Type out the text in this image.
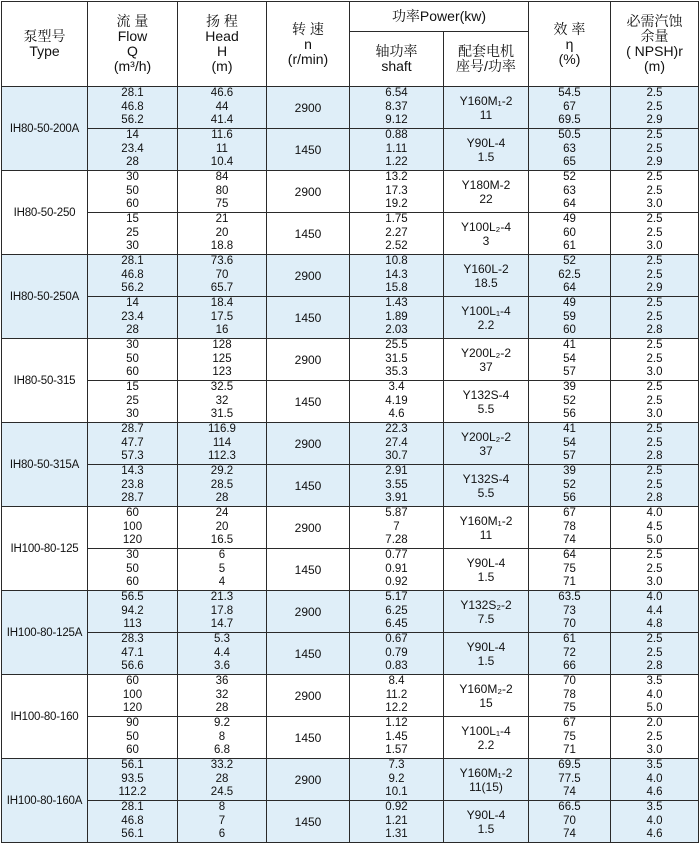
泵型号
Type	流 量
Flow
Q
(m³/h)	扬 程
Head
H
(m)	转 速
n
(r/min)	功率Power(kw)		效 率
η
(%)	必需汽蚀
余量
( NPSH)r
(m)

				轴功率
shaft	配套电机
座号/功率		

IH80-50-200A	28.1
46.8
56.2	46.6
44
41.4	2900	6.54
8.37
9.12	Y160M₁-2
11	54.5
67
69.5	2.5
2.5
2.9

	14
23.4
28	11.6
11
10.4	1450	0.88
1.11
1.22	Y90L-4
1.5	50.5
63
65	2.5
2.5
2.9

IH80-50-250	30
50
60	84
80
75	2900	13.2
17.3
19.2	Y180M-2
22	52
63
64	2.5
2.5
3.0

	15
25
30	21
20
18.8	1450	1.75
2.27
2.52	Y100L₂-4
3	49
60
61	2.5
2.5
3.0

IH80-50-250A	28.1
46.8
56.2	73.6
70
65.7	2900	10.8
14.3
15.8	Y160L-2
18.5	52
62.5
64	2.5
2.5
2.9

	14
23.4
28	18.4
17.5
16	1450	1.43
1.89
2.03	Y100L₁-4
2.2	49
59
60	2.5
2.5
2.8

IH80-50-315	30
50
60	128
125
123	2900	25.5
31.5
35.3	Y200L₂-2
37	41
54
57	2.5
2.5
3.0

	15
25
30	32.5
32
31.5	1450	3.4
4.19
4.6	Y132S-4
5.5	39
52
56	2.5
2.5
3.0

IH80-50-315A	28.7
47.7
57.3	116.9
114
112.3	2900	22.3
27.4
30.7	Y200L₂-2
37	41
54
57	2.5
2.5
2.8

	14.3
23.8
28.7	29.2
28.5
28	1450	2.91
3.55
3.91	Y132S-4
5.5	39
52
56	2.5
2.5
2.8

IH100-80-125	60
100
120	24
20
16.5	2900	5.87
7
7.28	Y160M₁-2
11	67
78
74	4.0
4.5
5.0

	30
50
60	6
5
4	1450	0.77
0.91
0.92	Y90L-4
1.5	64
75
71	2.5
2.5
3.0

IH100-80-125A	56.5
94.2
113	21.3
17.8
14.7	2900	5.17
6.25
6.45	Y132S₂-2
7.5	63.5
73
70	4.0
4.4
4.8

	28.3
47.1
56.6	5.3
4.4
3.6	1450	0.67
0.79
0.83	Y90L-4
1.5	61
72
66	2.5
2.5
2.8

IH100-80-160	60
100
120	36
32
28	2900	8.4
11.2
12.2	Y160M₂-2
15	70
78
75	3.5
4.0
5.0

	90
50
60	9.2
8
6.8	1450	1.12
1.45
1.57	Y100L₁-4
2.2	67
75
71	2.0
2.5
3.0

IH100-80-160A	56.1
93.5
112.2	33.2
28
24.5	2900	7.3
9.2
10.1	Y160M₁-2
11(15)	69.5
77.5
74	3.5
4.0
4.6

	28.1
46.8
56.1	8
7
6	1450	0.92
1.21
1.31	Y90L-4
1.5	66.5
70
74	3.5
4.0
4.6
